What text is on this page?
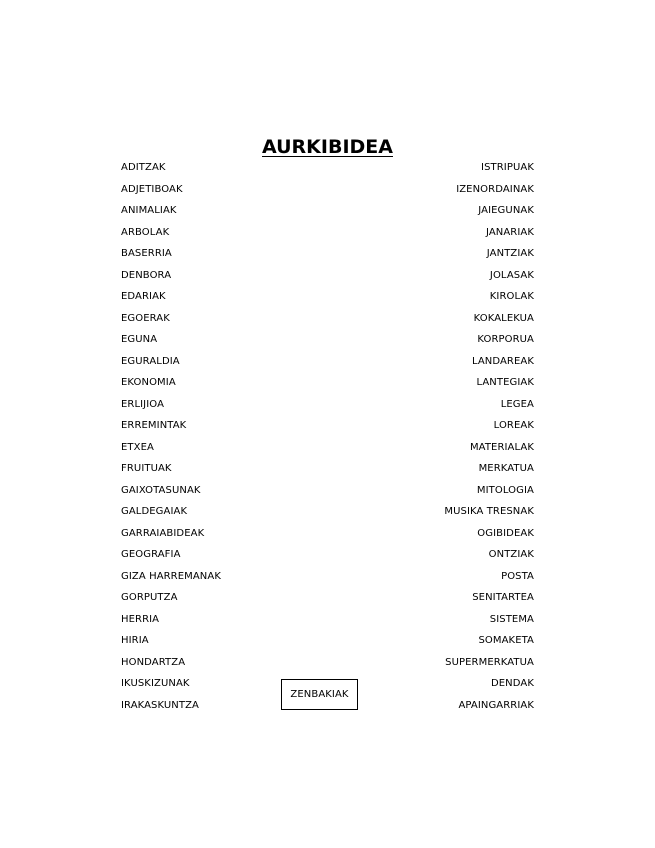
AURKIBIDEA
ADITZAK
ADJETIBOAK
ANIMALIAK
ARBOLAK
BASERRIA
DENBORA
EDARIAK
EGOERAK
EGUNA
EGURALDIA
EKONOMIA
ERLIJIOA
ERREMINTAK
ETXEA
FRUITUAK
GAIXOTASUNAK
GALDEGAIAK
GARRAIABIDEAK
GEOGRAFIA
GIZA HARREMANAK
GORPUTZA
HERRIA
HIRIA
HONDARTZA
IKUSKIZUNAK
IRAKASKUNTZA
ISTRIPUAK
IZENORDAINAK
JAIEGUNAK
JANARIAK
JANTZIAK
JOLASAK
KIROLAK
KOKALEKUA
KORPORUA
LANDAREAK
LANTEGIAK
LEGEA
LOREAK
MATERIALAK
MERKATUA
MITOLOGIA
MUSIKA TRESNAK
OGIBIDEAK
ONTZIAK
POSTA
SENITARTEA
SISTEMA
SOMAKETA
SUPERMERKATUA
DENDAK
APAINGARRIAK
ZENBAKIAK
